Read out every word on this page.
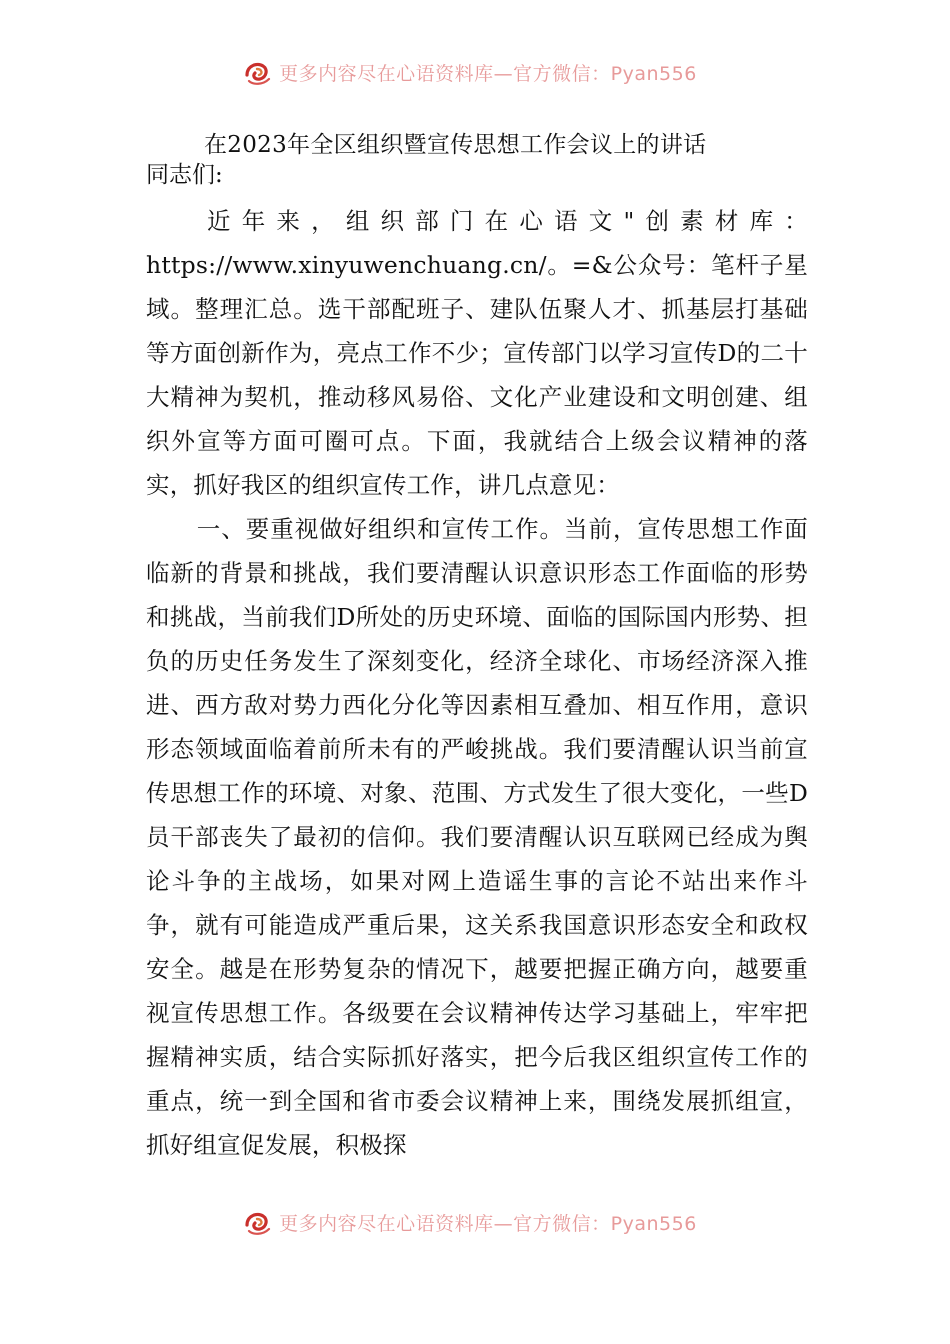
更多内容尽在心语资料库—官方微信：Pyan556
在2023年全区组织暨宣传思想工作会议上的讲话
同志们:

近年来，组织部门在心语文"创素材库：https://www.xinyuwenchuang.cn/。=&公众号：笔杆子星域。整理汇总。选干部配班子、建队伍聚人才、抓基层打基础等方面创新作为，亮点工作不少；宣传部门以学习宣传D的二十大精神为契机，推动移风易俗、文化产业建设和文明创建、组织外宣等方面可圈可点。下面，我就结合上级会议精神的落实，抓好我区的组织宣传工作，讲几点意见：

一、要重视做好组织和宣传工作。当前，宣传思想工作面临新的背景和挑战，我们要清醒认识意识形态工作面临的形势和挑战，当前我们D所处的历史环境、面临的国际国内形势、担负的历史任务发生了深刻变化，经济全球化、市场经济深入推进、西方敌对势力西化分化等因素相互叠加、相互作用，意识形态领域面临着前所未有的严峻挑战。我们要清醒认识当前宣传思想工作的环境、对象、范围、方式发生了很大变化，一些D员干部丧失了最初的信仰。我们要清醒认识互联网已经成为舆论斗争的主战场，如果对网上造谣生事的言论不站出来作斗争，就有可能造成严重后果，这关系我国意识形态安全和政权安全。越是在形势复杂的情况下，越要把握正确方向，越要重视宣传思想工作。各级要在会议精神传达学习基础上，牢牢把握精神实质，结合实际抓好落实，把今后我区组织宣传工作的重点，统一到全国和省市委会议精神上来，围绕发展抓组宣，抓好组宣促发展，积极探

更多内容尽在心语资料库—官方微信：Pyan556
